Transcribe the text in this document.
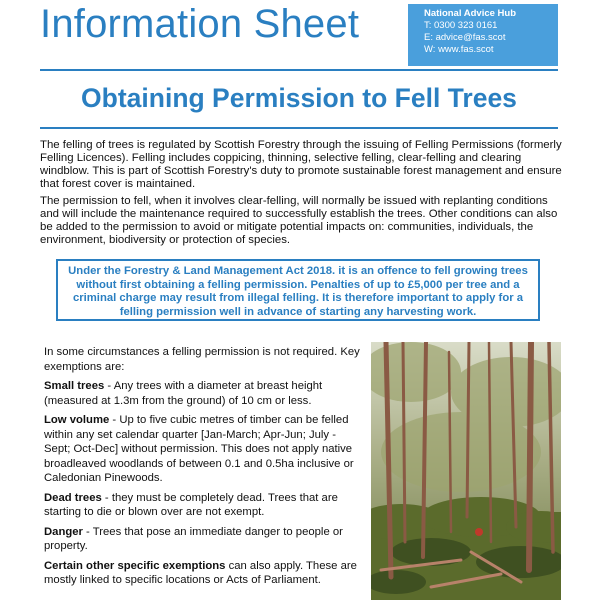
Information Sheet	National Advice Hub
T: 0300 323 0161
E: advice@fas.scot
W: www.fas.scot
Obtaining Permission to Fell Trees
The felling of trees is regulated by Scottish Forestry through the issuing of Felling Permissions (formerly Felling Licences). Felling includes coppicing, thinning, selective felling, clear-felling and clearing windblow. This is part of Scottish Forestry's duty to promote sustainable forest management and ensure that forest cover is maintained.
The permission to fell, when it involves clear-felling, will normally be issued with replanting conditions and will include the maintenance required to successfully establish the trees. Other conditions can also be added to the permission to avoid or mitigate potential impacts on: communities, individuals, the environment, biodiversity or protection of species.
Under the Forestry & Land Management Act 2018. it is an offence to fell growing trees without first obtaining a felling permission. Penalties of up to £5,000 per tree and a criminal charge may result from illegal felling. It is therefore important to apply for a felling permission well in advance of starting any harvesting work.

In some circumstances a felling permission is not required. Key exemptions are:

Small trees - Any trees with a diameter at breast height (measured at 1.3m from the ground) of 10 cm or less.

Low volume - Up to five cubic metres of timber can be felled within any set calendar quarter [Jan-March; Apr-Jun; July - Sept; Oct-Dec] without permission. This does not apply native broadleaved woodlands of between 0.1 and 0.5ha inclusive or Caledonian Pinewoods.

Dead trees - they must be completely dead. Trees that are starting to die or blown over are not exempt.

Danger - Trees that pose an immediate danger to people or property.

Certain other specific exemptions can also apply. These are mostly linked to specific locations or Acts of Parliament.
